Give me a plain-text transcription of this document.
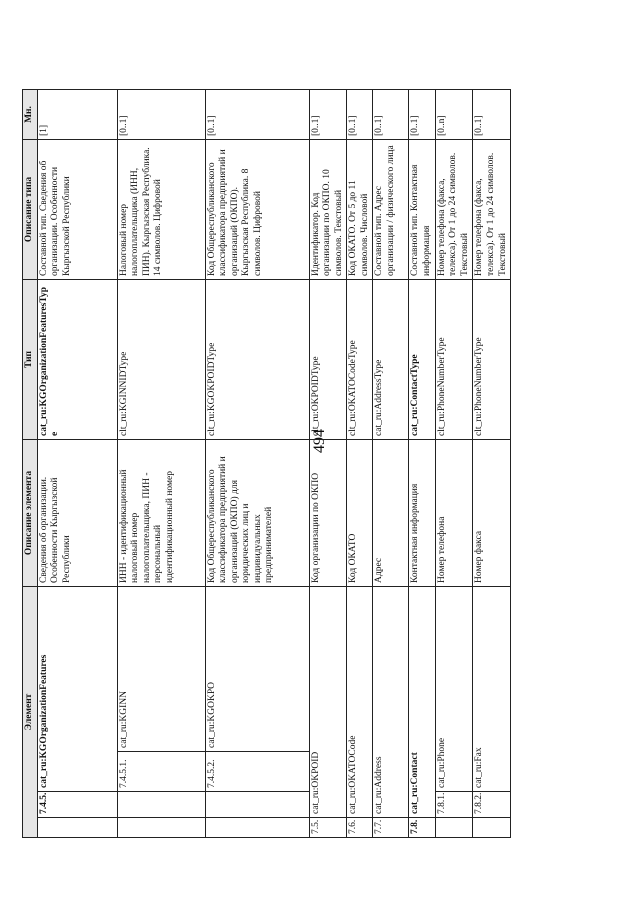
494
Элемент				Описание элемента	Тип	Описание типа	Мн.
	7.4.5.	cat_ru:KGOrganizationFeatures		Сведения об организации. Особенности Кыргызской Республики	cat_ru:KGOrganizationFeaturesType	Составной тип. Сведения об организации. Особенности Кыргызской Республики	[1]
		7.4.5.1.	cat_ru:KGINN	ИНН - идентификационный налоговый номер налогоплательщика, ПИН - персональный идентификационный номер	clt_ru:KGINNIDType	Налоговый номер налогоплательщика (ИНН, ПИН). Кыргызская Республика. 14 символов. Цифровой	[0..1]
		7.4.5.2.	cat_ru:KGOKPO	Код Общереспубликанского классификатора предприятий и организаций (ОКПО) для юридических лиц и индивидуальных предпринимателей	clt_ru:KGOKPOIDType	Код Общереспубликанского классификатора предприятий и организаций (ОКПО). Кыргызская Республика. 8 символов. Цифровой	[0..1]
7.5.	cat_ru:OKPOID			Код организации по ОКПО	clt_ru:OKPOIDType	Идентификатор. Код организации по ОКПО. 10 символов. Текстовый	[0..1]
7.6.	cat_ru:OKATOCode			Код ОКАТО	clt_ru:OKATOCodeType	Код ОКАТО. От 5 до 11 символов. Числовой	[0..1]
7.7.	cat_ru:Address			Адрес	cat_ru:AddressType	Составной тип. Адрес организации / физического лица	[0..1]
7.8.	cat_ru:Contact			Контактная информация	cat_ru:ContactType	Составной тип. Контактная информация	[0..1]
	7.8.1.	cat_ru:Phone		Номер телефона	clt_ru:PhoneNumberType	Номер телефона (факса, телекса). От 1 до 24 символов. Текстовый	[0..n]
	7.8.2.	cat_ru:Fax		Номер факса	clt_ru:PhoneNumberType	Номер телефона (факса, телекса). От 1 до 24 символов. Текстовый	[0..1]
